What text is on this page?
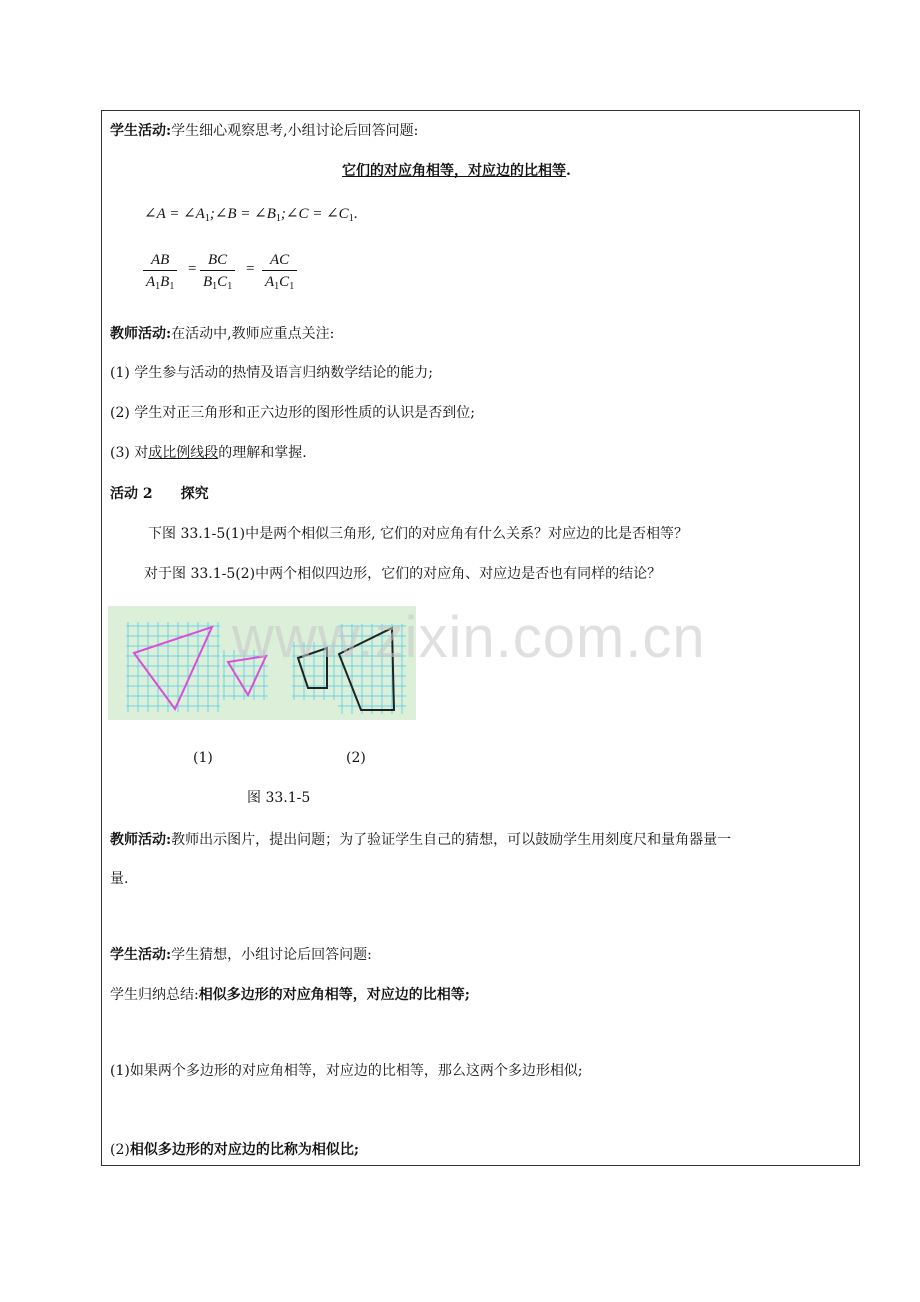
学生活动:学生细心观察思考,小组讨论后回答问题:
它们的对应角相等，对应边的比相等.
∠A = $\angle A_1;\angle B$ = $\angle B_1;\angle C$ = $\angle C_1$.
$\frac{AB}{A_1B_1} = \frac{BC}{B_1C_1} = \frac{AC}{A_1C_1}$
教师活动:在活动中,教师应重点关注:
(1) 学生参与活动的热情及语言归纳数学结论的能力;
(2) 学生对正三角形和正六边形的图形性质的认识是否到位;
(3) 对成比例线段的理解和掌握.
活动 2 探究
下图 33.1-5(1)中是两个相似三角形, 它们的对应角有什么关系？对应边的比是否相等？
对于图 33.1-5(2)中两个相似四边形，它们的对应角、对应边是否也有同样的结论？
www.zixin.com.cn
(1)	(2)
图 33.1-5
教师活动:教师出示图片，提出问题；为了验证学生自己的猜想，可以鼓励学生用刻度尺和量角器量一
量.
学生活动:学生猜想，小组讨论后回答问题:
学生归纳总结:相似多边形的对应角相等，对应边的比相等;
(1)如果两个多边形的对应角相等，对应边的比相等，那么这两个多边形相似;
(2)相似多边形的对应边的比称为相似比;
